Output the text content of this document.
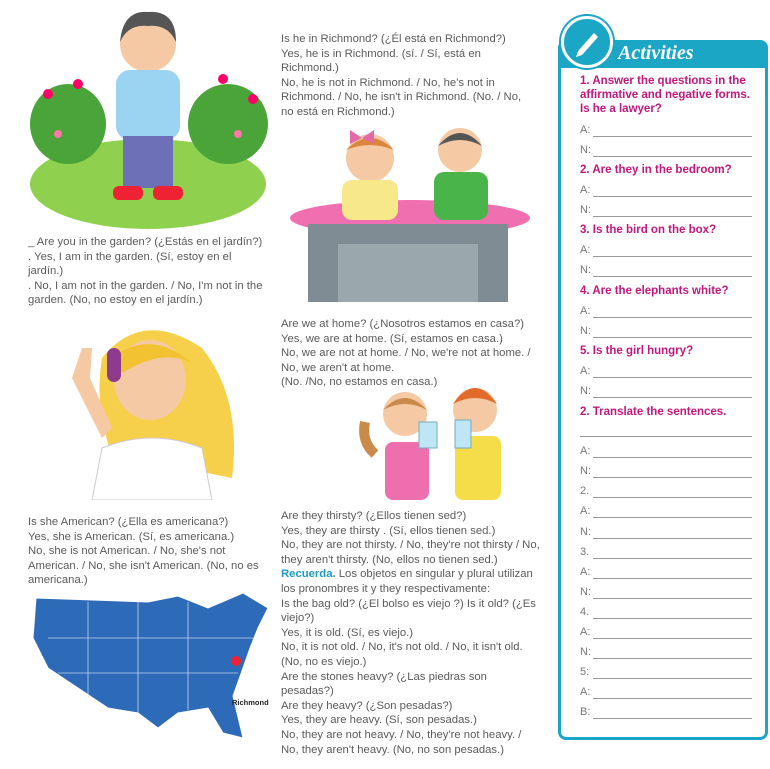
_ Are you in the garden? (¿Estás en el jardín?)

. Yes, I am in the garden. (Sí, estoy en el jardín.)

. No, I am not in the garden. / No, I'm not in the garden. (No, no estoy en el jardín.)

Is she American? (¿Ella es americana?)

Yes, she is American. (Sí, es americana.)

No, she is not American. / No, she's not American. / No, she isn't American. (No, no es americana.)

Richmond

Is he in Richmond? (¿Él está en Richmond?)

Yes, he is in Richmond. (sí. / Sí, está en Richmond.)

No, he is not in Richmond. / No, he's not in Richmond. / No, he isn't in Richmond. (No. / No, no está en Richmond.)

Are we at home? (¿Nosotros estamos en casa?)

Yes, we are at home. (Sí, estamos en casa.)

No, we are not at home. / No, we're not at home. / No, we aren't at home.

(No. /No, no estamos en casa.)

Are they thirsty? (¿Ellos tienen sed?)

Yes, they are thirsty . (Sí, ellos tienen sed.)

No, they are not thirsty. / No, they're not thirsty / No, they aren't thirsty. (No, ellos no tienen sed.)

Recuerda. Los objetos en singular y plural utilizan los pronombres it y they respectivamente:

Is the bag old? (¿El bolso es viejo ?) Is it old? (¿Es viejo?)

Yes, it is old. (Sí, es viejo.)

No, it is not old. / No, it's not old. / No, it isn't old. (No, no es viejo.)

Are the stones heavy? (¿Las piedras son pesadas?)

Are they heavy? (¿Son pesadas?)

Yes, they are heavy. (Sí, son pesadas.)

No, they are not heavy. / No, they're not heavy. / No, they aren't heavy. (No, no son pesadas.)

Activities
1. Answer the questions in the affirmative and negative forms. Is he a lawyer?
A:
N:
2. Are they in the bedroom?
A:
N:
3. Is the bird on the box?
A:
N:
4. Are the elephants white?
A:
N:
5. Is the girl hungry?
A:
N:
2. Translate the sentences.
A:
N:
2.
A:
N:
3.
A:
N:
4.
A:
N:
5:
A:
B:
